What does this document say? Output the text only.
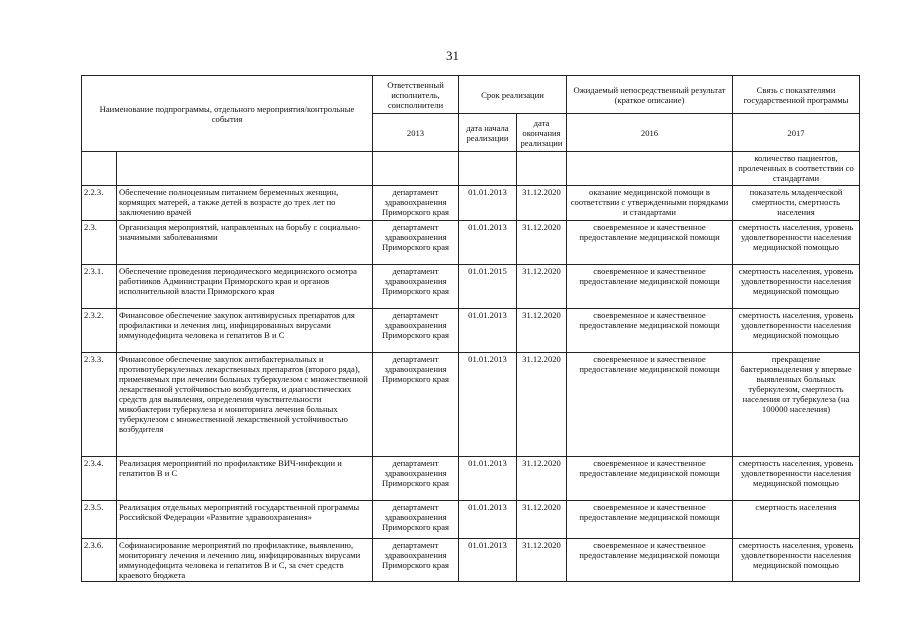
31
Наименование подпрограммы, отдельного мероприятия/контрольные события		Ответственный исполнитель, соисполнители	Срок реализации		Ожидаемый непосредственный результат (краткое описание)	Связь с показателями государственной программы
		2013	дата начала реализации	дата окончания реализации	2016	2017
						количество пациентов, пролеченных в соответствии со стандартами
2.2.3.	Обеспечение полноценным питанием беременных женщин, кормящих матерей, а также детей в возрасте до трех лет по заключению врачей	департамент здравоохранения Приморского края	01.01.2013	31.12.2020	оказание медицинской помощи в соответствии с утвержденными порядками и стандартами	показатель младенческой смертности, смертность населения
2.3.	Организация мероприятий, направленных на борьбу с социально-значимыми заболеваниями	департамент здравоохранения Приморского края	01.01.2013	31.12.2020	своевременное и качественное предоставление медицинской помощи	смертность населения, уровень удовлетворенности населения медицинской помощью
2.3.1.	Обеспечение проведения периодического медицинского осмотра работников Администрации Приморского края и органов исполнительной власти Приморского края	департамент здравоохранения Приморского края	01.01.2015	31.12.2020	своевременное и качественное предоставление медицинской помощи	смертность населения, уровень удовлетворенности населения медицинской помощью
2.3.2.	Финансовое обеспечение закупок антивирусных препаратов для профилактики и лечения лиц, инфицированных вирусами иммунодефицита человека и гепатитов В и С	департамент здравоохранения Приморского края	01.01.2013	31.12.2020	своевременное и качественное предоставление медицинской помощи	смертность населения, уровень удовлетворенности населения медицинской помощью
2.3.3.	Финансовое обеспечение закупок антибактериальных и противотуберкулезных лекарственных препаратов (второго ряда), применяемых при лечении больных туберкулезом с множественной лекарственной устойчивостью возбудителя, и диагностических средств для выявления, определения чувствительности микобактерии туберкулеза и мониторинга лечения больных туберкулезом с множественной лекарственной устойчивостью возбудителя	департамент здравоохранения Приморского края	01.01.2013	31.12.2020	своевременное и качественное предоставление медицинской помощи	прекращение бактериовыделения у впервые выявленных больных туберкулезом, смертность населения от туберкулеза (на 100000 населения)
2.3.4.	Реализация мероприятий по профилактике ВИЧ-инфекции и гепатитов В и С	департамент здравоохранения Приморского края	01.01.2013	31.12.2020	своевременное и качественное предоставление медицинской помощи	смертность населения, уровень удовлетворенности населения медицинской помощью
2.3.5.	Реализация отдельных мероприятий государственной программы Российской Федерации «Развитие здравоохранения»	департамент здравоохранения Приморского края	01.01.2013	31.12.2020	своевременное и качественное предоставление медицинской помощи	смертность населения
2.3.6.	Софинансирование мероприятий по профилактике, выявлению, мониторингу лечения и лечению лиц, инфицированных вирусами иммунодефицита человека и гепатитов В и С, за счет средств краевого бюджета	департамент здравоохранения Приморского края	01.01.2013	31.12.2020	своевременное и качественное предоставление медицинской помощи	смертность населения, уровень удовлетворенности населения медицинской помощью
